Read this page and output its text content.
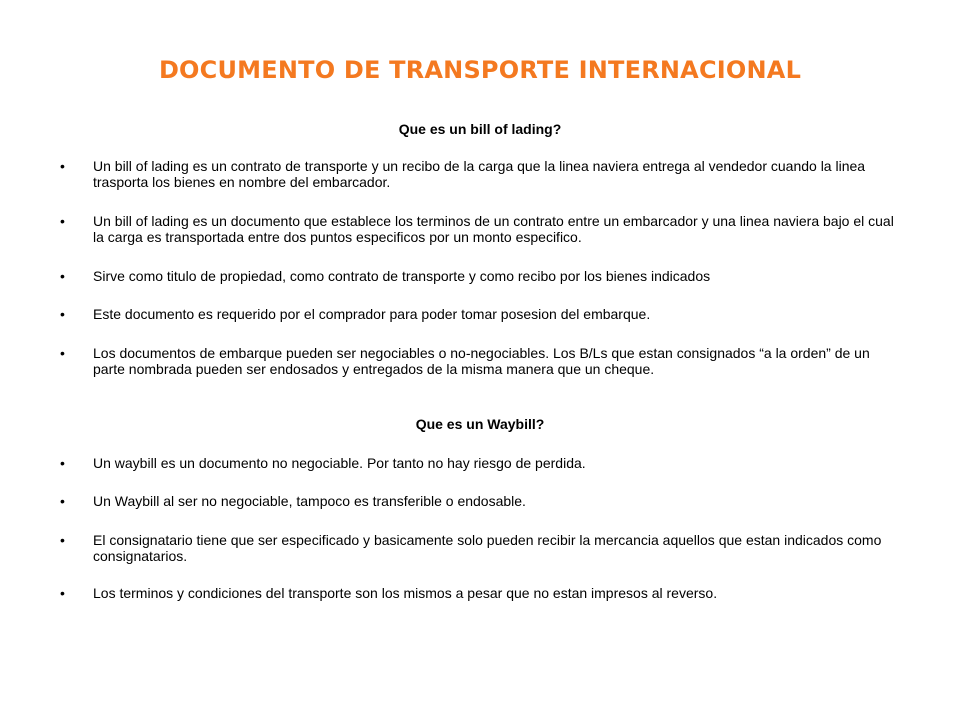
DOCUMENTO DE TRANSPORTE INTERNACIONAL
Que es un bill of lading?
•	Un bill of lading es un contrato de transporte y un recibo de la carga que la linea naviera entrega al vendedor cuando la linea trasporta los bienes en nombre del embarcador.
•	Un bill of lading es un documento que establece los terminos de un contrato entre un embarcador y una linea naviera bajo el cual la carga es transportada entre dos puntos especificos por un monto especifico.
•	Sirve como titulo de propiedad, como contrato de transporte y como recibo por los bienes indicados
•	Este documento es requerido por el comprador para poder tomar posesion del embarque.
•	Los documentos de embarque pueden ser negociables o no-negociables. Los B/Ls que estan consignados “a la orden” de un parte nombrada pueden ser endosados y entregados de la misma manera que un cheque.
Que es un Waybill?
•	Un waybill es un documento no negociable. Por tanto no hay riesgo de perdida.
•	Un Waybill al ser no negociable, tampoco es transferible o endosable.
•	El consignatario tiene que ser especificado y basicamente solo pueden recibir la mercancia aquellos que estan indicados como consignatarios.
•	Los terminos y condiciones del transporte son los mismos a pesar que no estan impresos al reverso.
